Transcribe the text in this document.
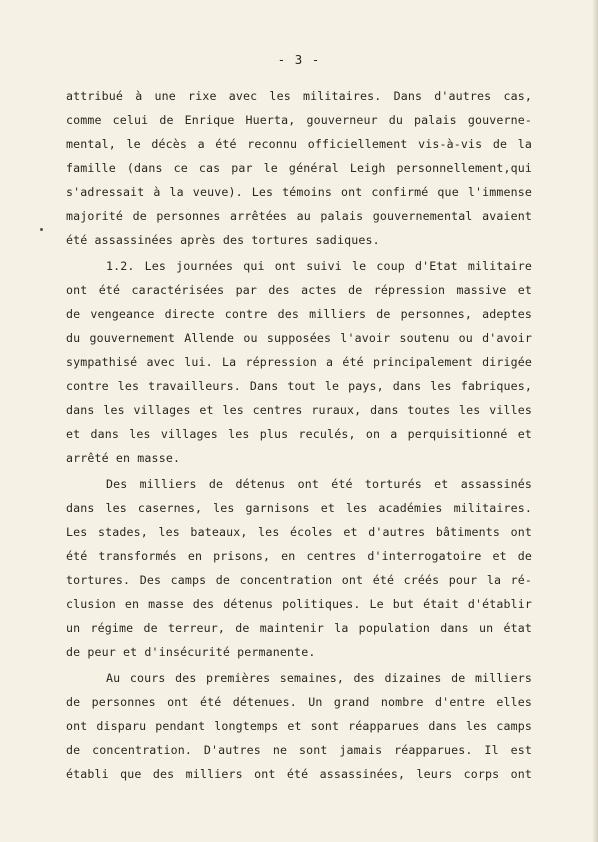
- 3 -
attribué à une rixe avec les militaires. Dans d'autres cas,
comme celui de Enrique Huerta, gouverneur du palais gouverne-
mental, le décès a été reconnu officiellement vis-à-vis de la
famille (dans ce cas par le général Leigh personnellement,qui
s'adressait à la veuve). Les témoins ont confirmé que l'immense
majorité de personnes arrêtées au palais gouvernemental avaient
été assassinées après des tortures sadiques.
1.2. Les journées qui ont suivi le coup d'Etat militaire
ont été caractérisées par des actes de répression massive et
de vengeance directe contre des milliers de personnes, adeptes
du gouvernement Allende ou supposées l'avoir soutenu ou d'avoir
sympathisé avec lui. La répression a été principalement dirigée
contre les travailleurs. Dans tout le pays, dans les fabriques,
dans les villages et les centres ruraux, dans toutes les villes
et dans les villages les plus reculés, on a perquisitionné et
arrêté en masse.
Des milliers de détenus ont été torturés et assassinés
dans les casernes, les garnisons et les académies militaires.
Les stades, les bateaux, les écoles et d'autres bâtiments ont
été transformés en prisons, en centres d'interrogatoire et de
tortures. Des camps de concentration ont été créés pour la ré-
clusion en masse des détenus politiques. Le but était d'établir
un régime de terreur, de maintenir la population dans un état
de peur et d'insécurité permanente.
Au cours des premières semaines, des dizaines de milliers
de personnes ont été détenues. Un grand nombre d'entre elles
ont disparu pendant longtemps et sont réapparues dans les camps
de concentration. D'autres ne sont jamais réapparues. Il est
établi que des milliers ont été assassinées, leurs corps ont
